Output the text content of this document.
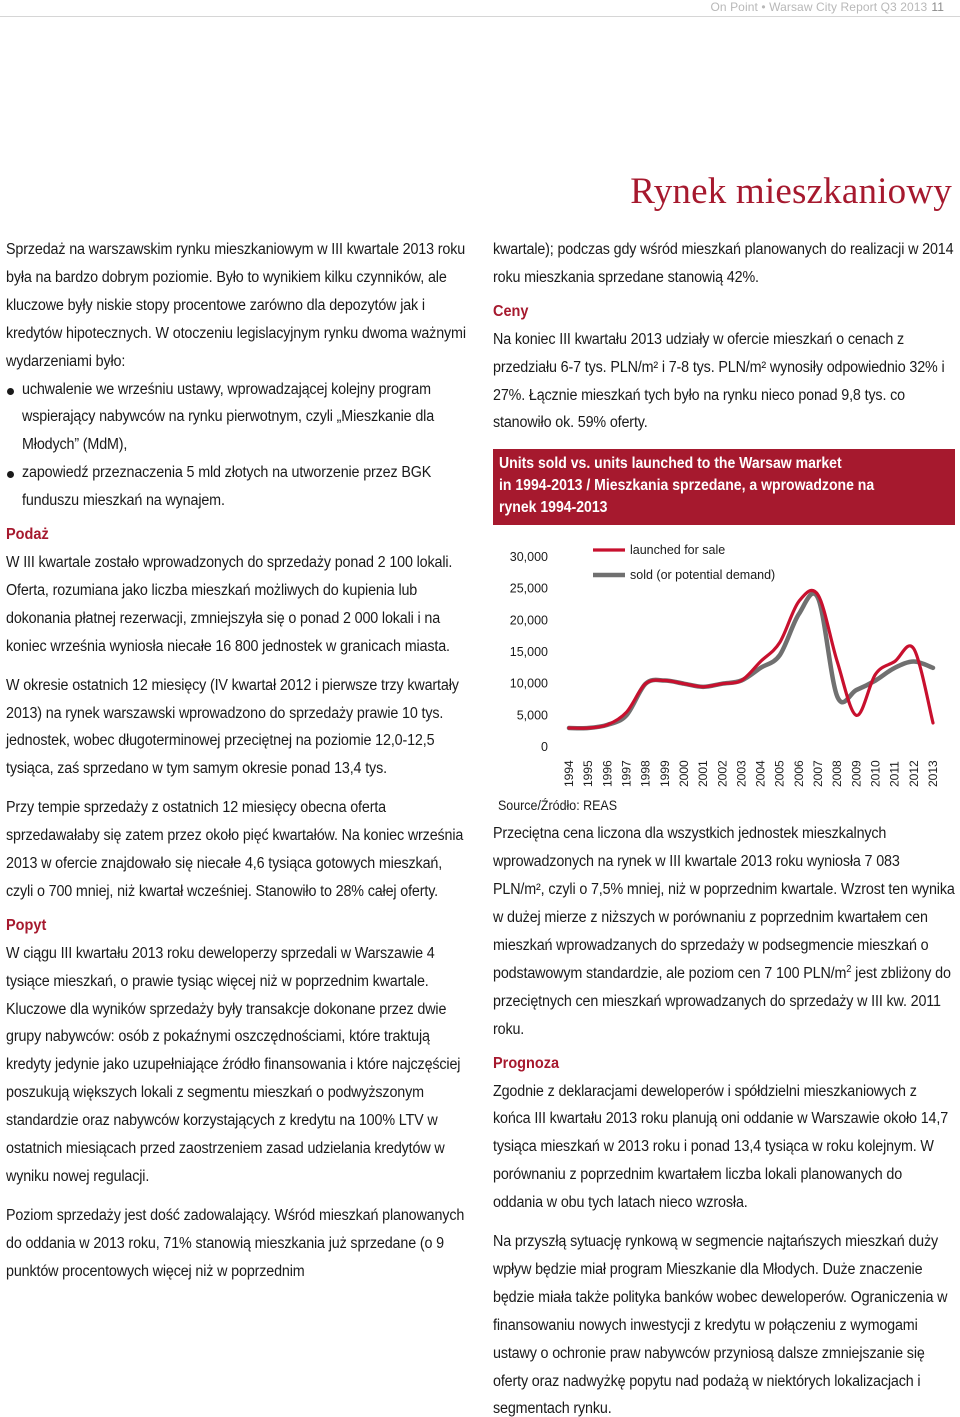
On Point • Warsaw City Report Q3 2013 11
Rynek mieszkaniowy

Sprzedaż na warszawskim rynku mieszkaniowym w III kwartale 2013 roku była na bardzo dobrym poziomie. Było to wynikiem kilku czynników, ale kluczowe były niskie stopy procentowe zarówno dla depozytów jak i kredytów hipotecznych. W otoczeniu legislacyjnym rynku dwoma ważnymi wydarzeniami było:

uchwalenie we wrześniu ustawy, wprowadzającej kolejny program wspierający nabywców na rynku pierwotnym, czyli „Mieszkanie dla Młodych” (MdM),

zapowiedź przeznaczenia 5 mld złotych na utworzenie przez BGK funduszu mieszkań na wynajem.

Podaż

W III kwartale zostało wprowadzonych do sprzedaży ponad 2 100 lokali. Oferta, rozumiana jako liczba mieszkań możliwych do kupienia lub dokonania płatnej rezerwacji, zmniejszyła się o ponad 2 000 lokali i na koniec września wyniosła niecałe 16 800 jednostek w granicach miasta.

W okresie ostatnich 12 miesięcy (IV kwartał 2012 i pierwsze trzy kwartały 2013) na rynek warszawski wprowadzono do sprzedaży prawie 10 tys. jednostek, wobec długoterminowej przeciętnej na poziomie 12,0-12,5 tysiąca, zaś sprzedano w tym samym okresie ponad 13,4 tys.

Przy tempie sprzedaży z ostatnich 12 miesięcy obecna oferta sprzedawałaby się zatem przez około pięć kwartałów. Na koniec września 2013 w ofercie znajdowało się niecałe 4,6 tysiąca gotowych mieszkań, czyli o 700 mniej, niż kwartał wcześniej. Stanowiło to 28% całej oferty.

Popyt

W ciągu III kwartału 2013 roku deweloperzy sprzedali w Warszawie 4 tysiące mieszkań, o prawie tysiąc więcej niż w poprzednim kwartale. Kluczowe dla wyników sprzedaży były transakcje dokonane przez dwie grupy nabywców: osób z pokaźnymi oszczędnościami, które traktują kredyty jedynie jako uzupełniające źródło finansowania i które najczęściej poszukują większych lokali z segmentu mieszkań o podwyższonym standardzie oraz nabywców korzystających z kredytu na 100% LTV w ostatnich miesiącach przed zaostrzeniem zasad udzielania kredytów w wyniku nowej regulacji.

Poziom sprzedaży jest dość zadowalający. Wśród mieszkań planowanych do oddania w 2013 roku, 71% stanowią mieszkania już sprzedane (o 9 punktów procentowych więcej niż w poprzednim

kwartale); podczas gdy wśród mieszkań planowanych do realizacji w 2014 roku mieszkania sprzedane stanowią 42%.

Ceny

Na koniec III kwartału 2013 udziały w ofercie mieszkań o cenach z przedziału 6-7 tys. PLN/m² i 7-8 tys. PLN/m² wynosiły odpowiednio 32% i 27%. Łącznie mieszkań tych było na rynku nieco ponad 9,8 tys. co stanowiło ok. 59% oferty.

Units sold vs. units launched to the Warsaw market
in 1994-2013 / Mieszkania sprzedane, a wprowadzone na
rynek 1994-2013
30,000
25,000
20,000
15,000
10,000
5,000
0
1994 1995 1996 1997 1998 1999 2000 2001 2002 2003 2004 2005 2006 2007 2008 2009 2010 2011 2012 2013
launched for sale
sold (or potential demand)
Source/Źródło: REAS

Przeciętna cena liczona dla wszystkich jednostek mieszkalnych wprowadzonych na rynek w III kwartale 2013 roku wyniosła 7 083 PLN/m², czyli o 7,5% mniej, niż w poprzednim kwartale. Wzrost ten wynika w dużej mierze z niższych w porównaniu z poprzednim kwartałem cen mieszkań wprowadzanych do sprzedaży w podsegmencie mieszkań o podstawowym standardzie, ale poziom cen 7 100 PLN/$m^2$ jest zbliżony do przeciętnych cen mieszkań wprowadzanych do sprzedaży w III kw. 2011 roku.

Prognoza

Zgodnie z deklaracjami deweloperów i spółdzielni mieszkaniowych z końca III kwartału 2013 roku planują oni oddanie w Warszawie około 14,7 tysiąca mieszkań w 2013 roku i ponad 13,4 tysiąca w roku kolejnym. W porównaniu z poprzednim kwartałem liczba lokali planowanych do oddania w obu tych latach nieco wzrosła.

Na przyszłą sytuację rynkową w segmencie najtańszych mieszkań duży wpływ będzie miał program Mieszkanie dla Młodych. Duże znaczenie będzie miała także polityka banków wobec deweloperów. Ograniczenia w finansowaniu nowych inwestycji z kredytu w połączeniu z wymogami ustawy o ochronie praw nabywców przyniosą dalsze zmniejszanie się oferty oraz nadwyżkę popytu nad podażą w niektórych lokalizacjach i segmentach rynku.
